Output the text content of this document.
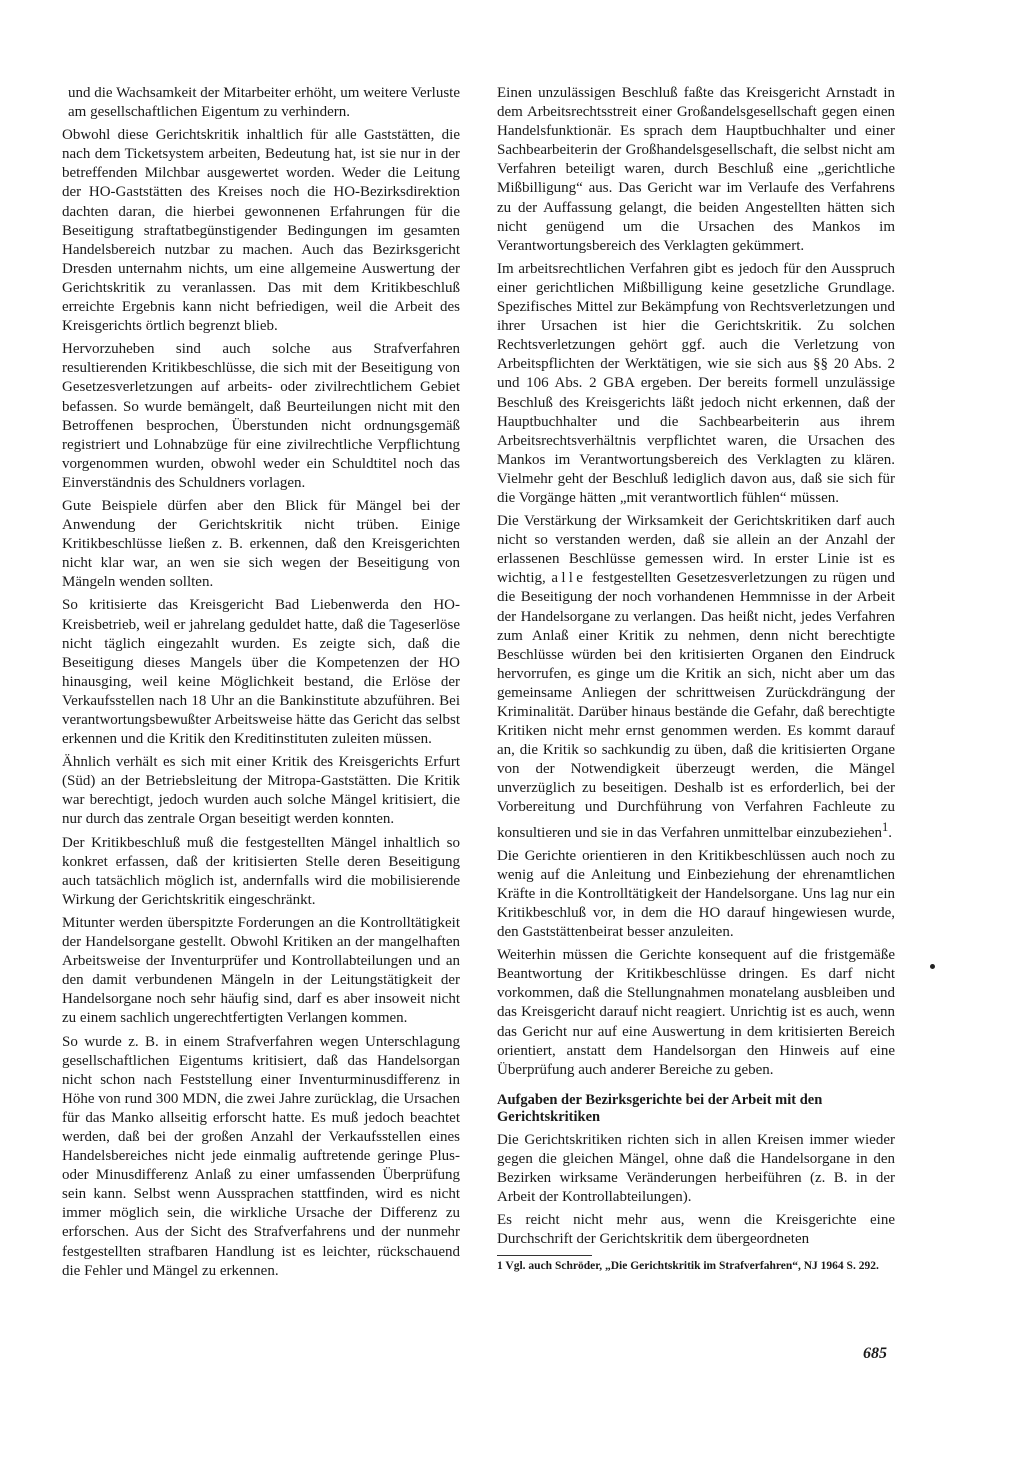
und die Wachsamkeit der Mitarbeiter erhöht, um weitere Verluste am gesellschaftlichen Eigentum zu verhindern.

Obwohl diese Gerichtskritik inhaltlich für alle Gaststätten, die nach dem Ticketsystem arbeiten, Bedeutung hat, ist sie nur in der betreffenden Milchbar ausgewertet worden. Weder die Leitung der HO-Gaststätten des Kreises noch die HO-Bezirksdirektion dachten daran, die hierbei gewonnenen Erfahrungen für die Beseitigung straftatbegünstigender Bedingungen im gesamten Handelsbereich nutzbar zu machen. Auch das Bezirksgericht Dresden unternahm nichts, um eine allgemeine Auswertung der Gerichtskritik zu veranlassen. Das mit dem Kritikbeschluß erreichte Ergebnis kann nicht befriedigen, weil die Arbeit des Kreisgerichts örtlich begrenzt blieb.

Hervorzuheben sind auch solche aus Strafverfahren resultierenden Kritikbeschlüsse, die sich mit der Beseitigung von Gesetzesverletzungen auf arbeits- oder zivilrechtlichem Gebiet befassen. So wurde bemängelt, daß Beurteilungen nicht mit den Betroffenen besprochen, Überstunden nicht ordnungsgemäß registriert und Lohnabzüge für eine zivilrechtliche Verpflichtung vorgenommen wurden, obwohl weder ein Schuldtitel noch das Einverständnis des Schuldners vorlagen.

Gute Beispiele dürfen aber den Blick für Mängel bei der Anwendung der Gerichtskritik nicht trüben. Einige Kritikbeschlüsse ließen z. B. erkennen, daß den Kreisgerichten nicht klar war, an wen sie sich wegen der Beseitigung von Mängeln wenden sollten.

So kritisierte das Kreisgericht Bad Liebenwerda den HO-Kreisbetrieb, weil er jahrelang geduldet hatte, daß die Tageserlöse nicht täglich eingezahlt wurden. Es zeigte sich, daß die Beseitigung dieses Mangels über die Kompetenzen der HO hinausging, weil keine Möglichkeit bestand, die Erlöse der Verkaufsstellen nach 18 Uhr an die Bankinstitute abzuführen. Bei verantwortungsbewußter Arbeitsweise hätte das Gericht das selbst erkennen und die Kritik den Kreditinstituten zuleiten müssen.

Ähnlich verhält es sich mit einer Kritik des Kreisgerichts Erfurt (Süd) an der Betriebsleitung der Mitropa-Gaststätten. Die Kritik war berechtigt, jedoch wurden auch solche Mängel kritisiert, die nur durch das zentrale Organ beseitigt werden konnten.

Der Kritikbeschluß muß die festgestellten Mängel inhaltlich so konkret erfassen, daß der kritisierten Stelle deren Beseitigung auch tatsächlich möglich ist, andernfalls wird die mobilisierende Wirkung der Gerichtskritik eingeschränkt.

Mitunter werden überspitzte Forderungen an die Kontrolltätigkeit der Handelsorgane gestellt. Obwohl Kritiken an der mangelhaften Arbeitsweise der Inventurprüfer und Kontrollabteilungen und an den damit verbundenen Mängeln in der Leitungstätigkeit der Handelsorgane noch sehr häufig sind, darf es aber insoweit nicht zu einem sachlich ungerechtfertigten Verlangen kommen.

So wurde z. B. in einem Strafverfahren wegen Unterschlagung gesellschaftlichen Eigentums kritisiert, daß das Handelsorgan nicht schon nach Feststellung einer Inventurminusdifferenz in Höhe von rund 300 MDN, die zwei Jahre zurücklag, die Ursachen für das Manko allseitig erforscht hatte. Es muß jedoch beachtet werden, daß bei der großen Anzahl der Verkaufsstellen eines Handelsbereiches nicht jede einmalig auftretende geringe Plus- oder Minusdifferenz Anlaß zu einer umfassenden Überprüfung sein kann. Selbst wenn Aussprachen stattfinden, wird es nicht immer möglich sein, die wirkliche Ursache der Differenz zu erforschen. Aus der Sicht des Strafverfahrens und der nunmehr festgestellten strafbaren Handlung ist es leichter, rückschauend die Fehler und Mängel zu erkennen.

Einen unzulässigen Beschluß faßte das Kreisgericht Arnstadt in dem Arbeitsrechtsstreit einer Großandelsgesellschaft gegen einen Handelsfunktionär. Es sprach dem Hauptbuchhalter und einer Sachbearbeiterin der Großhandelsgesellschaft, die selbst nicht am Verfahren beteiligt waren, durch Beschluß eine „gerichtliche Mißbilligung“ aus. Das Gericht war im Verlaufe des Verfahrens zu der Auffassung gelangt, die beiden Angestellten hätten sich nicht genügend um die Ursachen des Mankos im Verantwortungsbereich des Verklagten gekümmert.

Im arbeitsrechtlichen Verfahren gibt es jedoch für den Ausspruch einer gerichtlichen Mißbilligung keine gesetzliche Grundlage. Spezifisches Mittel zur Bekämpfung von Rechtsverletzungen und ihrer Ursachen ist hier die Gerichtskritik. Zu solchen Rechtsverletzungen gehört ggf. auch die Verletzung von Arbeitspflichten der Werktätigen, wie sie sich aus §§ 20 Abs. 2 und 106 Abs. 2 GBA ergeben. Der bereits formell unzulässige Beschluß des Kreisgerichts läßt jedoch nicht erkennen, daß der Hauptbuchhalter und die Sachbearbeiterin aus ihrem Arbeitsrechtsverhältnis verpflichtet waren, die Ursachen des Mankos im Verantwortungsbereich des Verklagten zu klären. Vielmehr geht der Beschluß lediglich davon aus, daß sie sich für die Vorgänge hätten „mit verantwortlich fühlen“ müssen.

Die Verstärkung der Wirksamkeit der Gerichtskritiken darf auch nicht so verstanden werden, daß sie allein an der Anzahl der erlassenen Beschlüsse gemessen wird. In erster Linie ist es wichtig, alle festgestellten Gesetzesverletzungen zu rügen und die Beseitigung der noch vorhandenen Hemmnisse in der Arbeit der Handelsorgane zu verlangen. Das heißt nicht, jedes Verfahren zum Anlaß einer Kritik zu nehmen, denn nicht berechtigte Beschlüsse würden bei den kritisierten Organen den Eindruck hervorrufen, es ginge um die Kritik an sich, nicht aber um das gemeinsame Anliegen der schrittweisen Zurückdrängung der Kriminalität. Darüber hinaus bestände die Gefahr, daß berechtigte Kritiken nicht mehr ernst genommen werden. Es kommt darauf an, die Kritik so sachkundig zu üben, daß die kritisierten Organe von der Notwendigkeit überzeugt werden, die Mängel unverzüglich zu beseitigen. Deshalb ist es erforderlich, bei der Vorbereitung und Durchführung von Verfahren Fachleute zu konsultieren und sie in das Verfahren unmittelbar einzubeziehen$^1$.

Die Gerichte orientieren in den Kritikbeschlüssen auch noch zu wenig auf die Anleitung und Einbeziehung der ehrenamtlichen Kräfte in die Kontrolltätigkeit der Handelsorgane. Uns lag nur ein Kritikbeschluß vor, in dem die HO darauf hingewiesen wurde, den Gaststättenbeirat besser anzuleiten.

Weiterhin müssen die Gerichte konsequent auf die fristgemäße Beantwortung der Kritikbeschlüsse dringen. Es darf nicht vorkommen, daß die Stellungnahmen monatelang ausbleiben und das Kreisgericht darauf nicht reagiert. Unrichtig ist es auch, wenn das Gericht nur auf eine Auswertung in dem kritisierten Bereich orientiert, anstatt dem Handelsorgan den Hinweis auf eine Überprüfung auch anderer Bereiche zu geben.

Aufgaben der Bezirksgerichte bei der Arbeit mit den Gerichtskritiken

Die Gerichtskritiken richten sich in allen Kreisen immer wieder gegen die gleichen Mängel, ohne daß die Handelsorgane in den Bezirken wirksame Veränderungen herbeiführen (z. B. in der Arbeit der Kontrollabteilungen).

Es reicht nicht mehr aus, wenn die Kreisgerichte eine Durchschrift der Gerichtskritik dem übergeordneten

1 Vgl. auch Schröder, „Die Gerichtskritik im Strafverfahren“, NJ 1964 S. 292.
685
